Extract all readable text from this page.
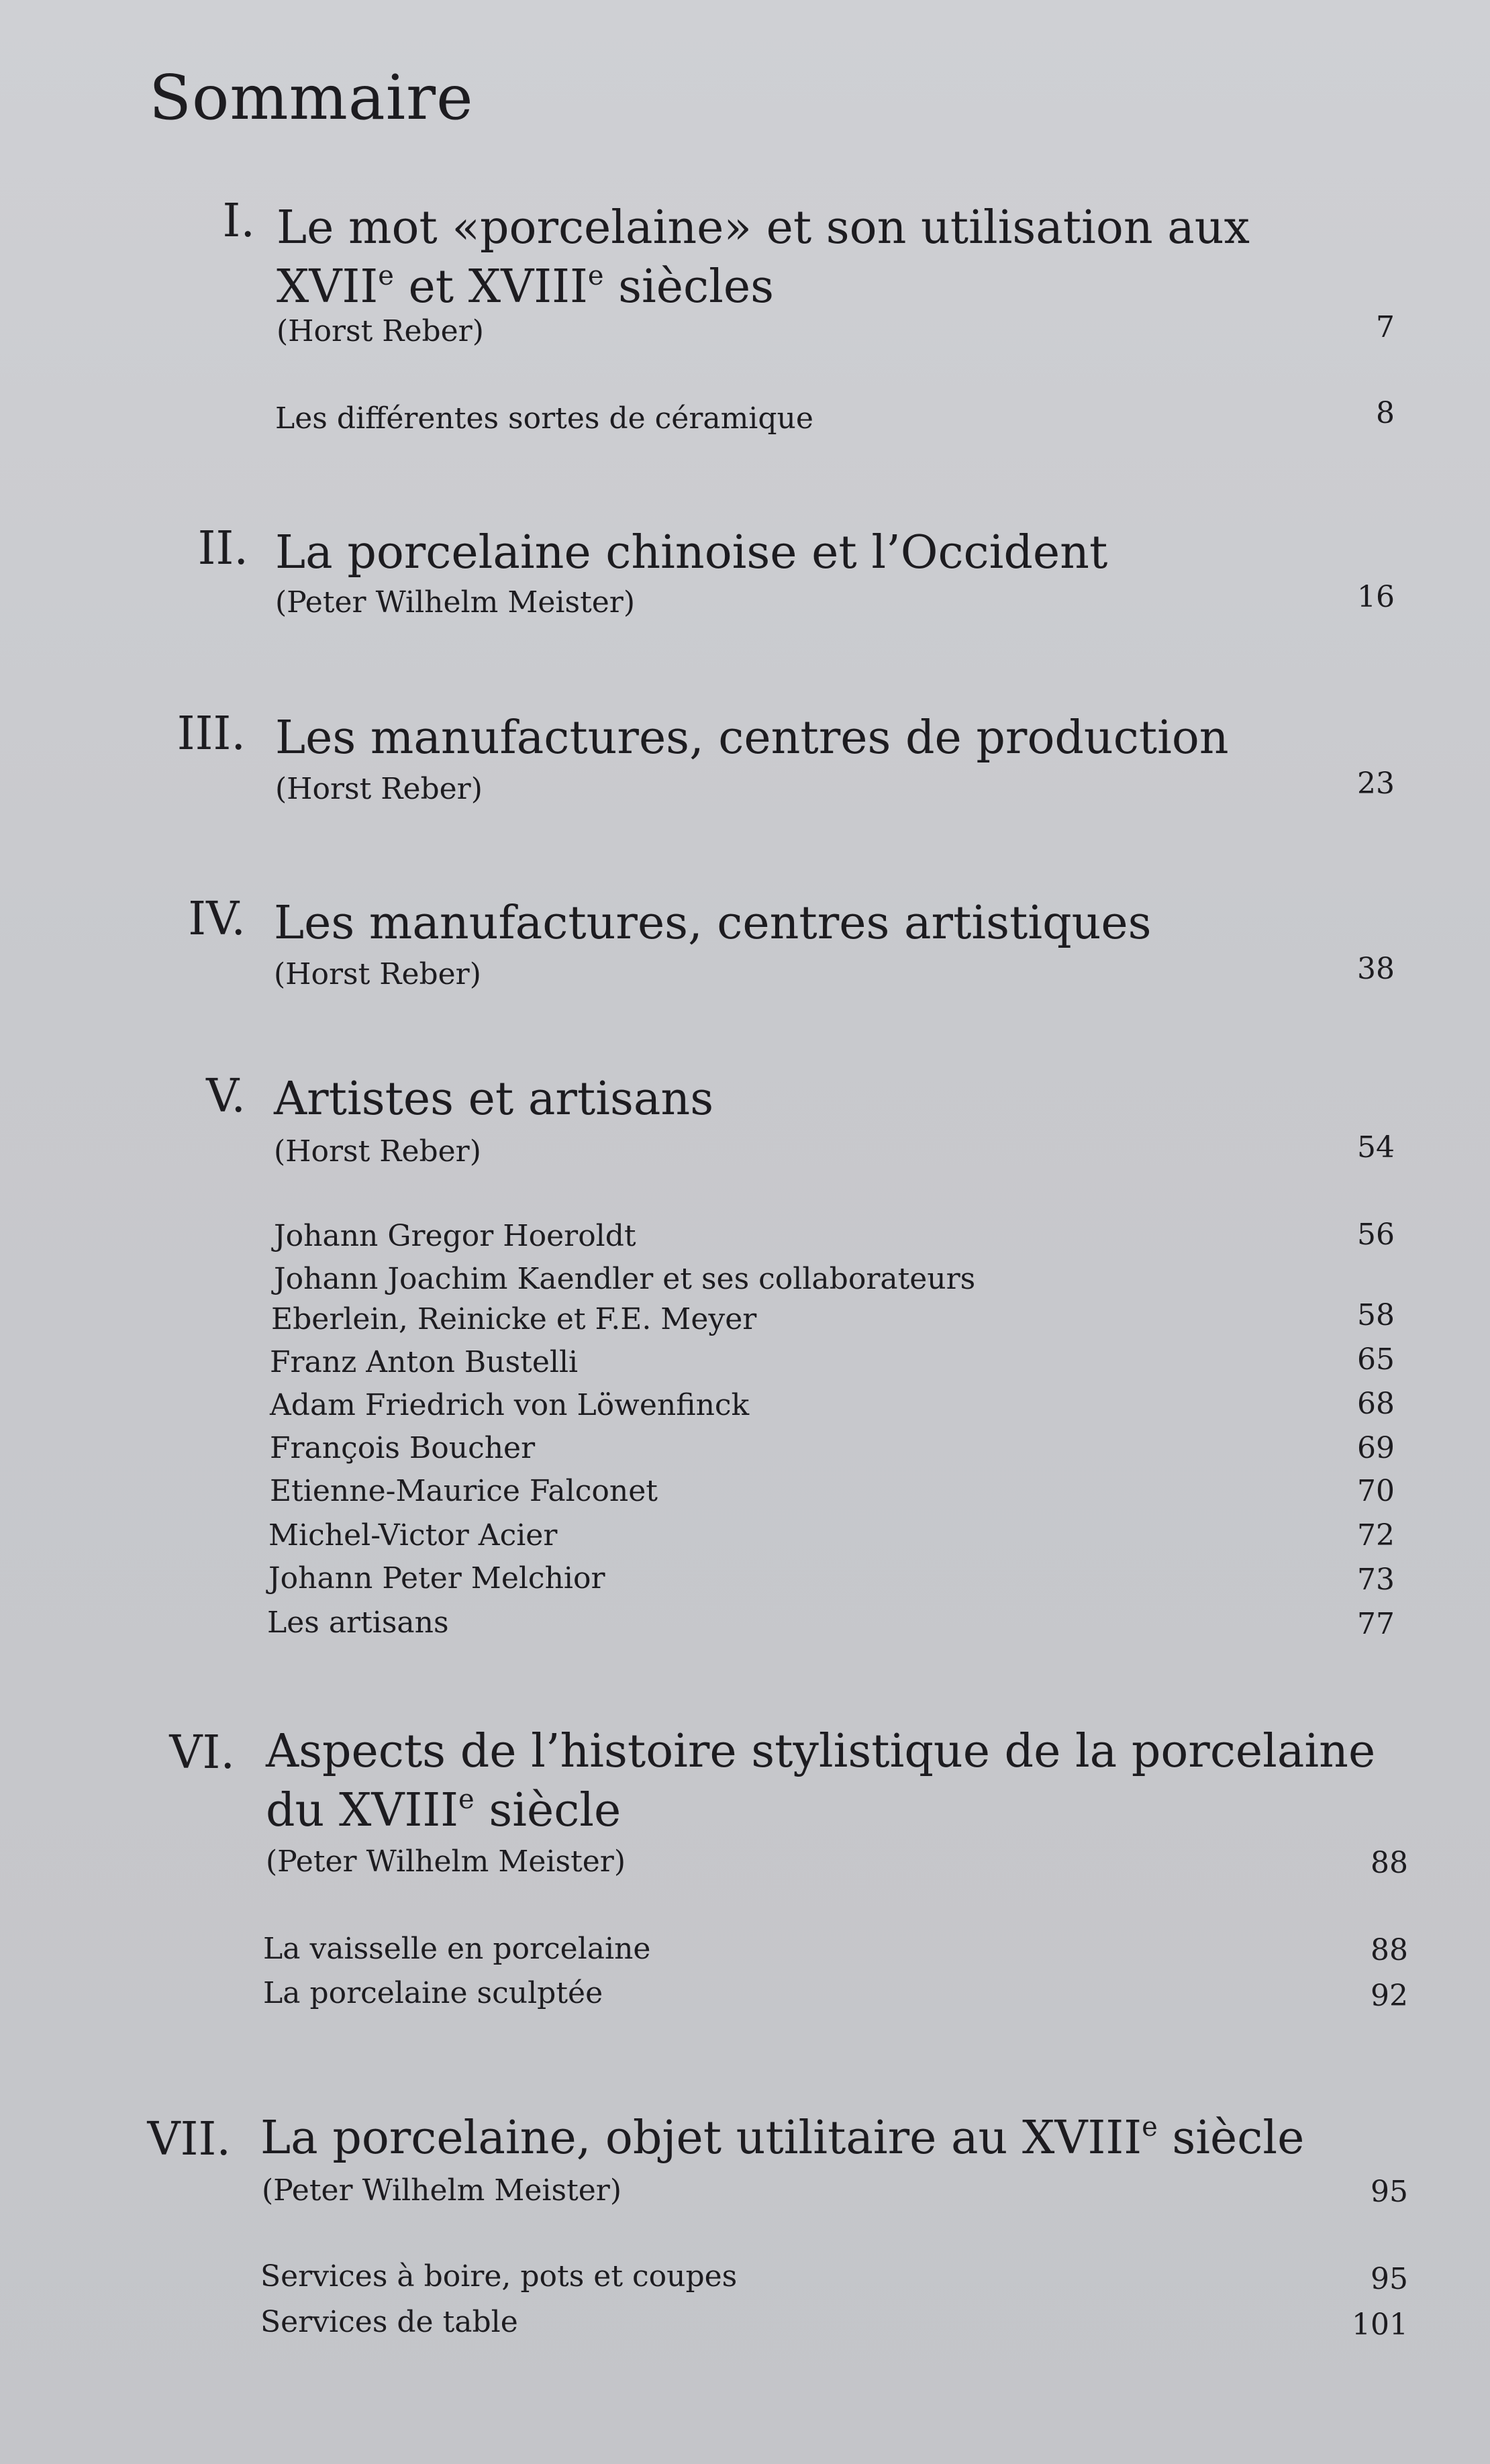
Sommaire
I. Le mot «porcelaine» et son utilisation aux
XVIIe et XVIIIe siècles
(Horst Reber)	7
Les différentes sortes de céramique	8
II. La porcelaine chinoise et l’Occident
(Peter Wilhelm Meister)	16
III. Les manufactures, centres de production
(Horst Reber)	23
IV. Les manufactures, centres artistiques
(Horst Reber)	38
V. Artistes et artisans
(Horst Reber)	54
Johann Gregor Hoeroldt	56
Johann Joachim Kaendler et ses collaborateurs
Eberlein, Reinicke et F.E. Meyer	58
Franz Anton Bustelli	65
Adam Friedrich von Löwenfinck	68
François Boucher	69
Etienne-Maurice Falconet	70
Michel-Victor Acier	72
Johann Peter Melchior	73
Les artisans	77
VI. Aspects de l’histoire stylistique de la porcelaine
du XVIIIe siècle
(Peter Wilhelm Meister)	88
La vaisselle en porcelaine	88
La porcelaine sculptée	92
VII. La porcelaine, objet utilitaire au XVIIIe siècle
(Peter Wilhelm Meister)	95
Services à boire, pots et coupes	95
Services de table	101
